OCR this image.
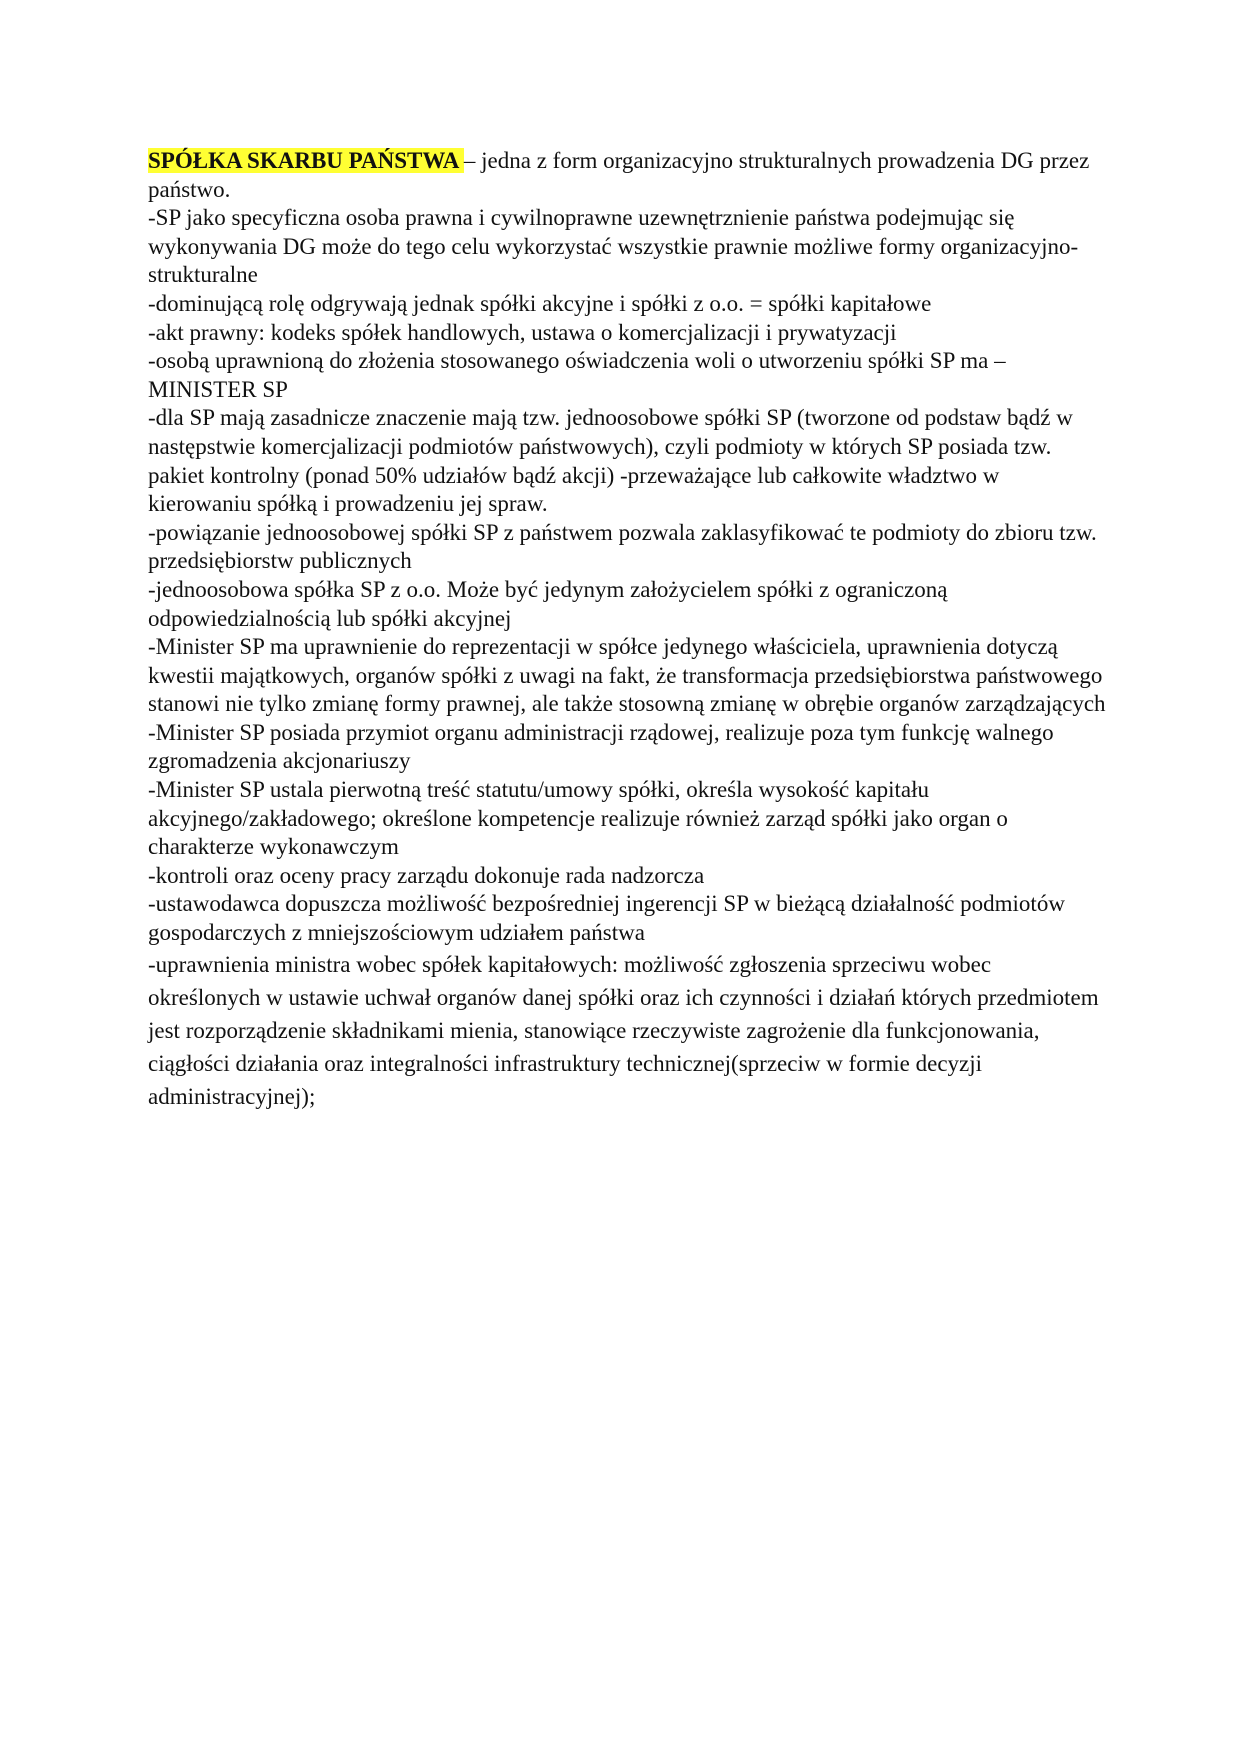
SPÓŁKA SKARBU PAŃSTWA – jedna z form organizacyjno strukturalnych prowadzenia DG przez państwo.

-SP jako specyficzna osoba prawna i cywilnoprawne uzewnętrznienie państwa podejmując się wykonywania DG może do tego celu wykorzystać wszystkie prawnie możliwe formy organizacyjno-strukturalne

-dominującą rolę odgrywają jednak spółki akcyjne i spółki z o.o. = spółki kapitałowe

-akt prawny: kodeks spółek handlowych, ustawa o komercjalizacji i prywatyzacji

-osobą uprawnioną do złożenia stosowanego oświadczenia woli o utworzeniu spółki SP ma – MINISTER SP

-dla SP mają zasadnicze znaczenie mają tzw. jednoosobowe spółki SP (tworzone od podstaw bądź w następstwie komercjalizacji podmiotów państwowych), czyli podmioty w których SP posiada tzw. pakiet kontrolny (ponad 50% udziałów bądź akcji) -przeważające lub całkowite władztwo w kierowaniu spółką i prowadzeniu jej spraw.

-powiązanie jednoosobowej spółki SP z państwem pozwala zaklasyfikować te podmioty do zbioru tzw. przedsiębiorstw publicznych

-jednoosobowa spółka SP z o.o. Może być jedynym założycielem spółki z ograniczoną odpowiedzialnością lub spółki akcyjnej

-Minister SP ma uprawnienie do reprezentacji w spółce jedynego właściciela, uprawnienia dotyczą kwestii majątkowych, organów spółki z uwagi na fakt, że transformacja przedsiębiorstwa państwowego stanowi nie tylko zmianę formy prawnej, ale także stosowną zmianę w obrębie organów zarządzających

-Minister SP posiada przymiot organu administracji rządowej, realizuje poza tym funkcję walnego zgromadzenia akcjonariuszy

-Minister SP ustala pierwotną treść statutu/umowy spółki, określa wysokość kapitału akcyjnego/zakładowego; określone kompetencje realizuje również zarząd spółki jako organ o charakterze wykonawczym

-kontroli oraz oceny pracy zarządu dokonuje rada nadzorcza

-ustawodawca dopuszcza możliwość bezpośredniej ingerencji SP w bieżącą działalność podmiotów gospodarczych z mniejszościowym udziałem państwa

-uprawnienia ministra wobec spółek kapitałowych: możliwość zgłoszenia sprzeciwu wobec określonych w ustawie uchwał organów danej spółki oraz ich czynności i działań których przedmiotem jest rozporządzenie składnikami mienia, stanowiące rzeczywiste zagrożenie dla funkcjonowania, ciągłości działania oraz integralności infrastruktury technicznej(sprzeciw w formie decyzji administracyjnej);
